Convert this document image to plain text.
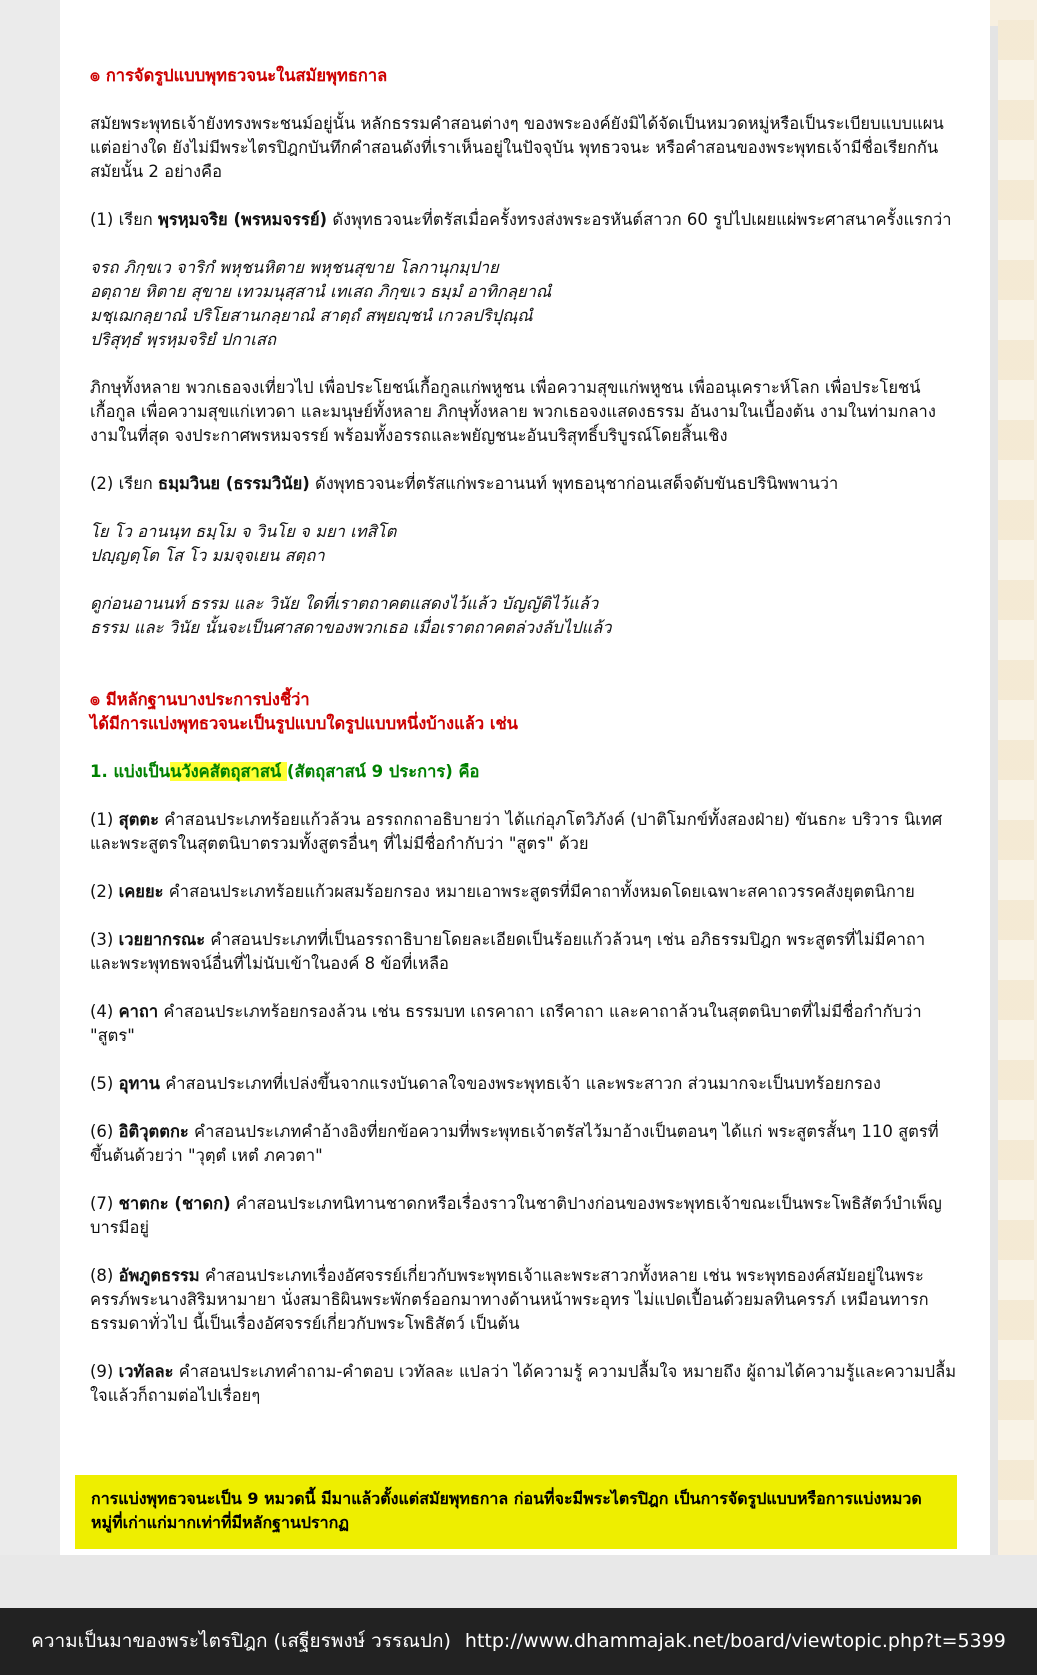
๏ การจัดรูปแบบพุทธวจนะในสมัยพุทธกาล

สมัยพระพุทธเจ้ายังทรงพระชนม์อยู่นั้น หลักธรรมคำสอนต่างๆ ของพระองค์ยังมิได้จัดเป็นหมวดหมู่หรือเป็นระเบียบแบบแผนแต่อย่างใด ยังไม่มีพระไตรปิฎกบันทึกคำสอนดังที่เราเห็นอยู่ในปัจจุบัน พุทธวจนะ หรือคำสอนของพระพุทธเจ้ามีชื่อเรียกกันสมัยนั้น 2 อย่างคือ

(1) เรียก พฺรหฺมจริย (พรหมจรรย์) ดังพุทธวจนะที่ตรัสเมื่อครั้งทรงส่งพระอรหันต์สาวก 60 รูปไปเผยแผ่พระศาสนาครั้งแรกว่า

จรถ ภิกฺขเว จาริกํ พหุชนหิตาย พหุชนสุขาย โลกานุกมฺปาย
อตฺถาย หิตาย สุขาย เทวมนุสฺสานํ เทเสถ ภิกฺขเว ธมฺมํ อาทิกลฺยาณํ
มชฺเฌกลฺยาณํ ปริโยสานกลฺยาณํ สาตฺถํ สพฺยญฺชนํ เกวลปริปุณฺณํ
ปริสุทฺธํ พฺรหฺมจริยํ ปกาเสถ

ภิกษุทั้งหลาย พวกเธอจงเที่ยวไป เพื่อประโยชน์เกื้อกูลแก่พหูชน เพื่อความสุขแก่พหูชน เพื่ออนุเคราะห์โลก เพื่อประโยชน์เกื้อกูล เพื่อความสุขแก่เทวดา และมนุษย์ทั้งหลาย ภิกษุทั้งหลาย พวกเธอจงแสดงธรรม อันงามในเบื้องต้น งามในท่ามกลาง งามในที่สุด จงประกาศพรหมจรรย์ พร้อมทั้งอรรถและพยัญชนะอันบริสุทธิ์บริบูรณ์โดยสิ้นเชิง

(2) เรียก ธมฺมวินย (ธรรมวินัย) ดังพุทธวจนะที่ตรัสแก่พระอานนท์ พุทธอนุชาก่อนเสด็จดับขันธปรินิพพานว่า

โย โว อานนฺท ธมฺโม จ วินโย จ มยา เทสิโต
ปญฺญตฺโต โส โว มมจฺจเยน สตฺถา
ดูก่อนอานนท์ ธรรม และ วินัย ใดที่เราตถาคตแสดงไว้แล้ว บัญญัติไว้แล้ว
ธรรม และ วินัย นั้นจะเป็นศาสดาของพวกเธอ เมื่อเราตถาคตล่วงลับไปแล้ว
๏ มีหลักฐานบางประการบ่งชี้ว่า
ได้มีการแบ่งพุทธวจนะเป็นรูปแบบใดรูปแบบหนึ่งบ้างแล้ว เช่น

1. แบ่งเป็นนวังคสัตถุสาสน์ (สัตถุสาสน์ 9 ประการ) คือ

(1) สุตตะ คำสอนประเภทร้อยแก้วล้วน อรรถกถาอธิบายว่า ได้แก่อุภโตวิภังค์ (ปาติโมกข์ทั้งสองฝ่าย) ขันธกะ บริวาร นิเทศ และพระสูตรในสุตตนิบาตรวมทั้งสูตรอื่นๆ ที่ไม่มีชื่อกำกับว่า "สูตร" ด้วย

(2) เคยยะ คำสอนประเภทร้อยแก้วผสมร้อยกรอง หมายเอาพระสูตรที่มีคาถาทั้งหมดโดยเฉพาะสคาถวรรคสังยุตตนิกาย

(3) เวยยากรณะ คำสอนประเภทที่เป็นอรรถาธิบายโดยละเอียดเป็นร้อยแก้วล้วนๆ เช่น อภิธรรมปิฎก พระสูตรที่ไม่มีคาถา และพระพุทธพจน์อื่นที่ไม่นับเข้าในองค์ 8 ข้อที่เหลือ

(4) คาถา คำสอนประเภทร้อยกรองล้วน เช่น ธรรมบท เถรคาถา เถรีคาถา และคาถาล้วนในสุตตนิบาตที่ไม่มีชื่อกำกับว่า "สูตร"

(5) อุทาน คำสอนประเภทที่เปล่งขึ้นจากแรงบันดาลใจของพระพุทธเจ้า และพระสาวก ส่วนมากจะเป็นบทร้อยกรอง

(6) อิติวุตตกะ คำสอนประเภทคำอ้างอิงที่ยกข้อความที่พระพุทธเจ้าตรัสไว้มาอ้างเป็นตอนๆ ได้แก่ พระสูตรสั้นๆ 110 สูตรที่ขึ้นต้นด้วยว่า "วุตฺตํ เหตํ ภควตา"

(7) ชาตกะ (ชาดก) คำสอนประเภทนิทานชาดกหรือเรื่องราวในชาติปางก่อนของพระพุทธเจ้าขณะเป็นพระโพธิสัตว์บำเพ็ญบารมีอยู่

(8) อัพภูตธรรม คำสอนประเภทเรื่องอัศจรรย์เกี่ยวกับพระพุทธเจ้าและพระสาวกทั้งหลาย เช่น พระพุทธองค์สมัยอยู่ในพระครรภ์พระนางสิริมหามายา นั่งสมาธิผินพระพักตร์ออกมาทางด้านหน้าพระอุทร ไม่แปดเปื้อนด้วยมลทินครรภ์ เหมือนทารกธรรมดาทั่วไป นี้เป็นเรื่องอัศจรรย์เกี่ยวกับพระโพธิสัตว์ เป็นต้น

(9) เวทัลละ คำสอนประเภทคำถาม-คำตอบ เวทัลละ แปลว่า ได้ความรู้ ความปลื้มใจ หมายถึง ผู้ถามได้ความรู้และความปลื้มใจแล้วก็ถามต่อไปเรื่อยๆ

การแบ่งพุทธวจนะเป็น 9 หมวดนี้ มีมาแล้วตั้งแต่สมัยพุทธกาล ก่อนที่จะมีพระไตรปิฎก เป็นการจัดรูปแบบหรือการแบ่งหมวดหมู่ที่เก่าแก่มากเท่าที่มีหลักฐานปรากฏ
ความเป็นมาของพระไตรปิฎก (เสฐียรพงษ์ วรรณปก) http://www.dhammajak.net/board/viewtopic.php?t=5399
